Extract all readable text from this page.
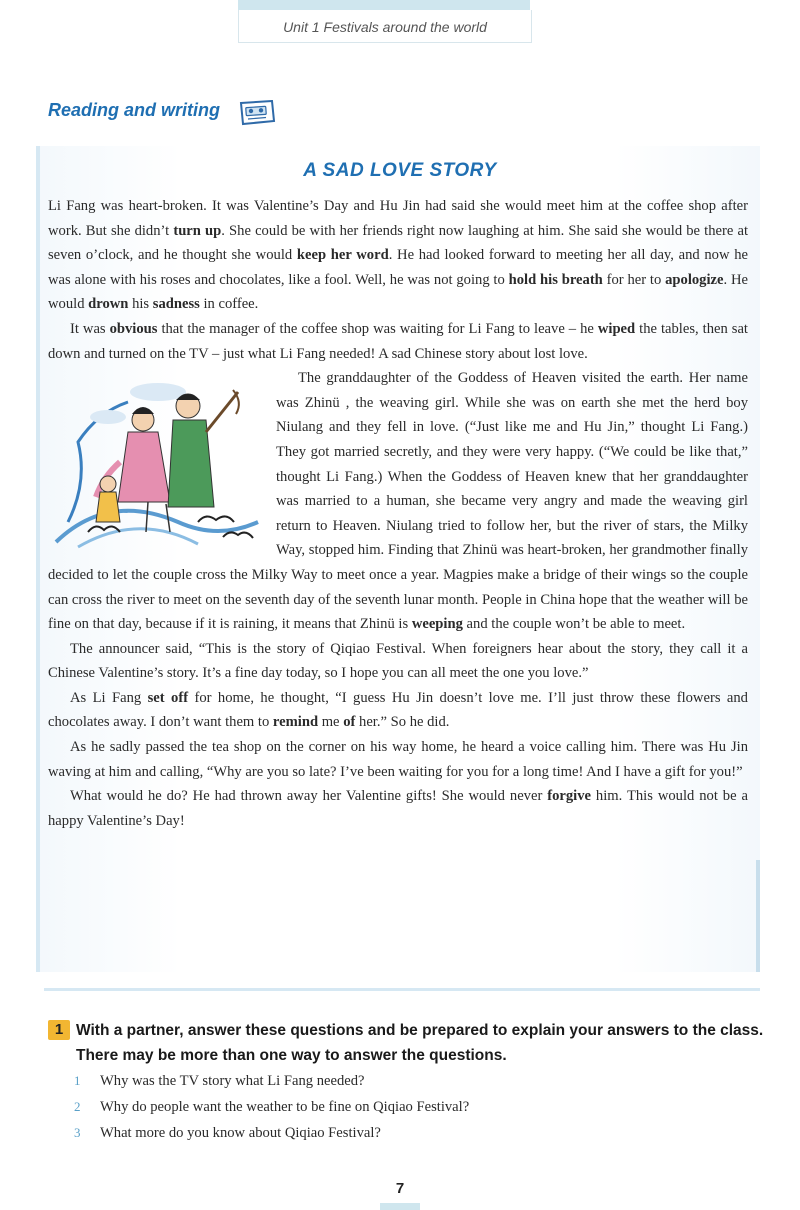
Unit 1 Festivals around the world
Reading and writing
A SAD LOVE STORY

Li Fang was heart-broken. It was Valentine’s Day and Hu Jin had said she would meet him at the coffee shop after work. But she didn’t turn up. She could be with her friends right now laughing at him. She said she would be there at seven o’clock, and he thought she would keep her word. He had looked forward to meeting her all day, and now he was alone with his roses and chocolates, like a fool. Well, he was not going to hold his breath for her to apologize. He would drown his sadness in coffee.

It was obvious that the manager of the coffee shop was waiting for Li Fang to leave – he wiped the tables, then sat down and turned on the TV – just what Li Fang needed! A sad Chinese story about lost love.

The granddaughter of the Goddess of Heaven visited the earth. Her name was Zhinü , the weaving girl. While she was on earth she met the herd boy Niulang and they fell in love. (“Just like me and Hu Jin,” thought Li Fang.) They got married secretly, and they were very happy. (“We could be like that,” thought Li Fang.) When the Goddess of Heaven knew that her granddaughter was married to a human, she became very angry and made the weaving girl return to Heaven. Niulang tried to follow her, but the river of stars, the Milky Way, stopped him. Finding that Zhinü was heart-broken, her grandmother finally decided to let the couple cross the Milky Way to meet once a year. Magpies make a bridge of their wings so the couple can cross the river to meet on the seventh day of the seventh lunar month. People in China hope that the weather will be fine on that day, because if it is raining, it means that Zhinü is weeping and the couple won’t be able to meet.

The announcer said, “This is the story of Qiqiao Festival. When foreigners hear about the story, they call it a Chinese Valentine’s story. It’s a fine day today, so I hope you can all meet the one you love.”

As Li Fang set off for home, he thought, “I guess Hu Jin doesn’t love me. I’ll just throw these flowers and chocolates away. I don’t want them to remind me of her.” So he did.

As he sadly passed the tea shop on the corner on his way home, he heard a voice calling him. There was Hu Jin waving at him and calling, “Why are you so late? I’ve been waiting for you for a long time! And I have a gift for you!”

What would he do? He had thrown away her Valentine gifts! She would never forgive him. This would not be a happy Valentine’s Day!

1 With a partner, answer these questions and be prepared to explain your answers to the class. There may be more than one way to answer the questions.
1 Why was the TV story what Li Fang needed?
2 Why do people want the weather to be fine on Qiqiao Festival?
3 What more do you know about Qiqiao Festival?
7
